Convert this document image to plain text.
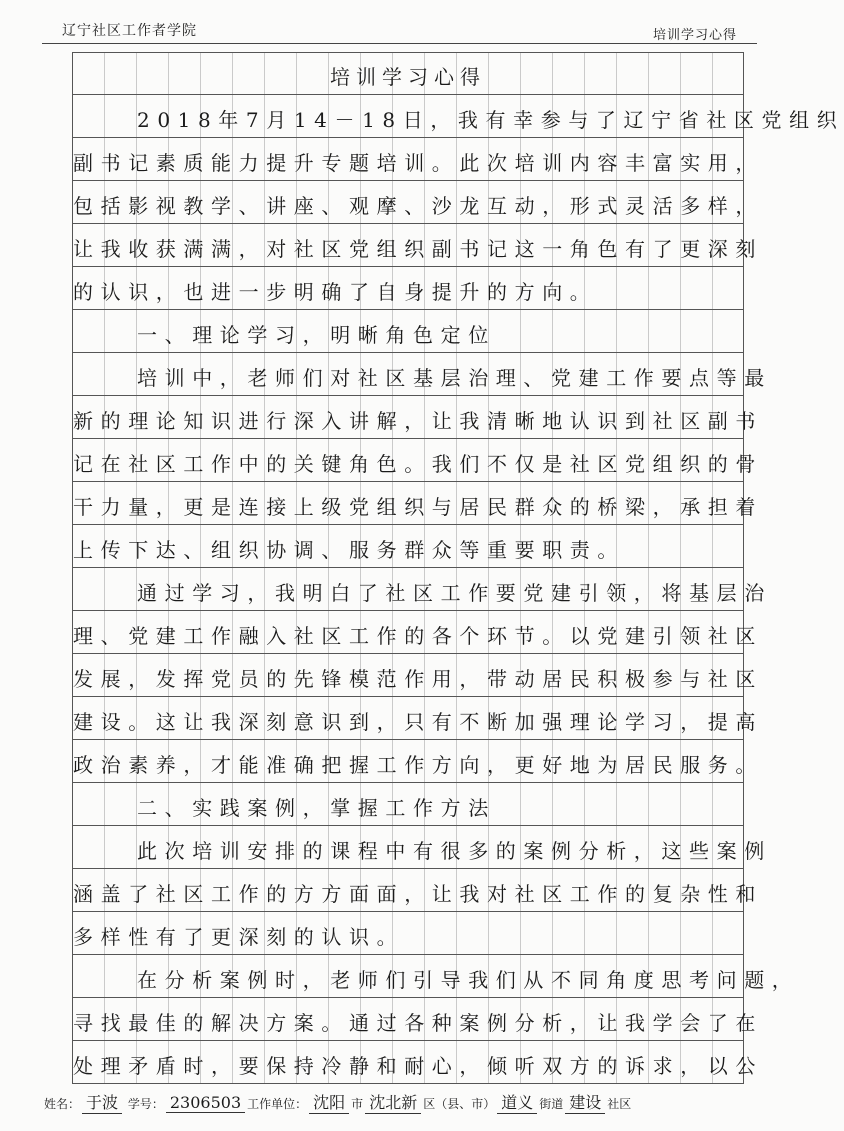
辽宁社区工作者学院	培训学习心得
培训学习心得
2018年7月14－18日，我有幸参与了辽宁省社区党组织
副书记素质能力提升专题培训。此次培训内容丰富实用，
包括影视教学、讲座、观摩、沙龙互动，形式灵活多样，
让我收获满满，对社区党组织副书记这一角色有了更深刻
的认识，也进一步明确了自身提升的方向。
一、理论学习，明晰角色定位
培训中，老师们对社区基层治理、党建工作要点等最
新的理论知识进行深入讲解，让我清晰地认识到社区副书
记在社区工作中的关键角色。我们不仅是社区党组织的骨
干力量，更是连接上级党组织与居民群众的桥梁，承担着
上传下达、组织协调、服务群众等重要职责。
通过学习，我明白了社区工作要党建引领，将基层治
理、党建工作融入社区工作的各个环节。以党建引领社区
发展，发挥党员的先锋模范作用，带动居民积极参与社区
建设。这让我深刻意识到，只有不断加强理论学习，提高
政治素养，才能准确把握工作方向，更好地为居民服务。
二、实践案例，掌握工作方法
此次培训安排的课程中有很多的案例分析，这些案例
涵盖了社区工作的方方面面，让我对社区工作的复杂性和
多样性有了更深刻的认识。
在分析案例时，老师们引导我们从不同角度思考问题，
寻找最佳的解决方案。通过各种案例分析，让我学会了在
处理矛盾时，要保持冷静和耐心，倾听双方的诉求，以公
姓名： 于波 学号： 2306503 工作单位： 沈阳 市 沈北新 区（县、市） 道义 街道 建设 社区
